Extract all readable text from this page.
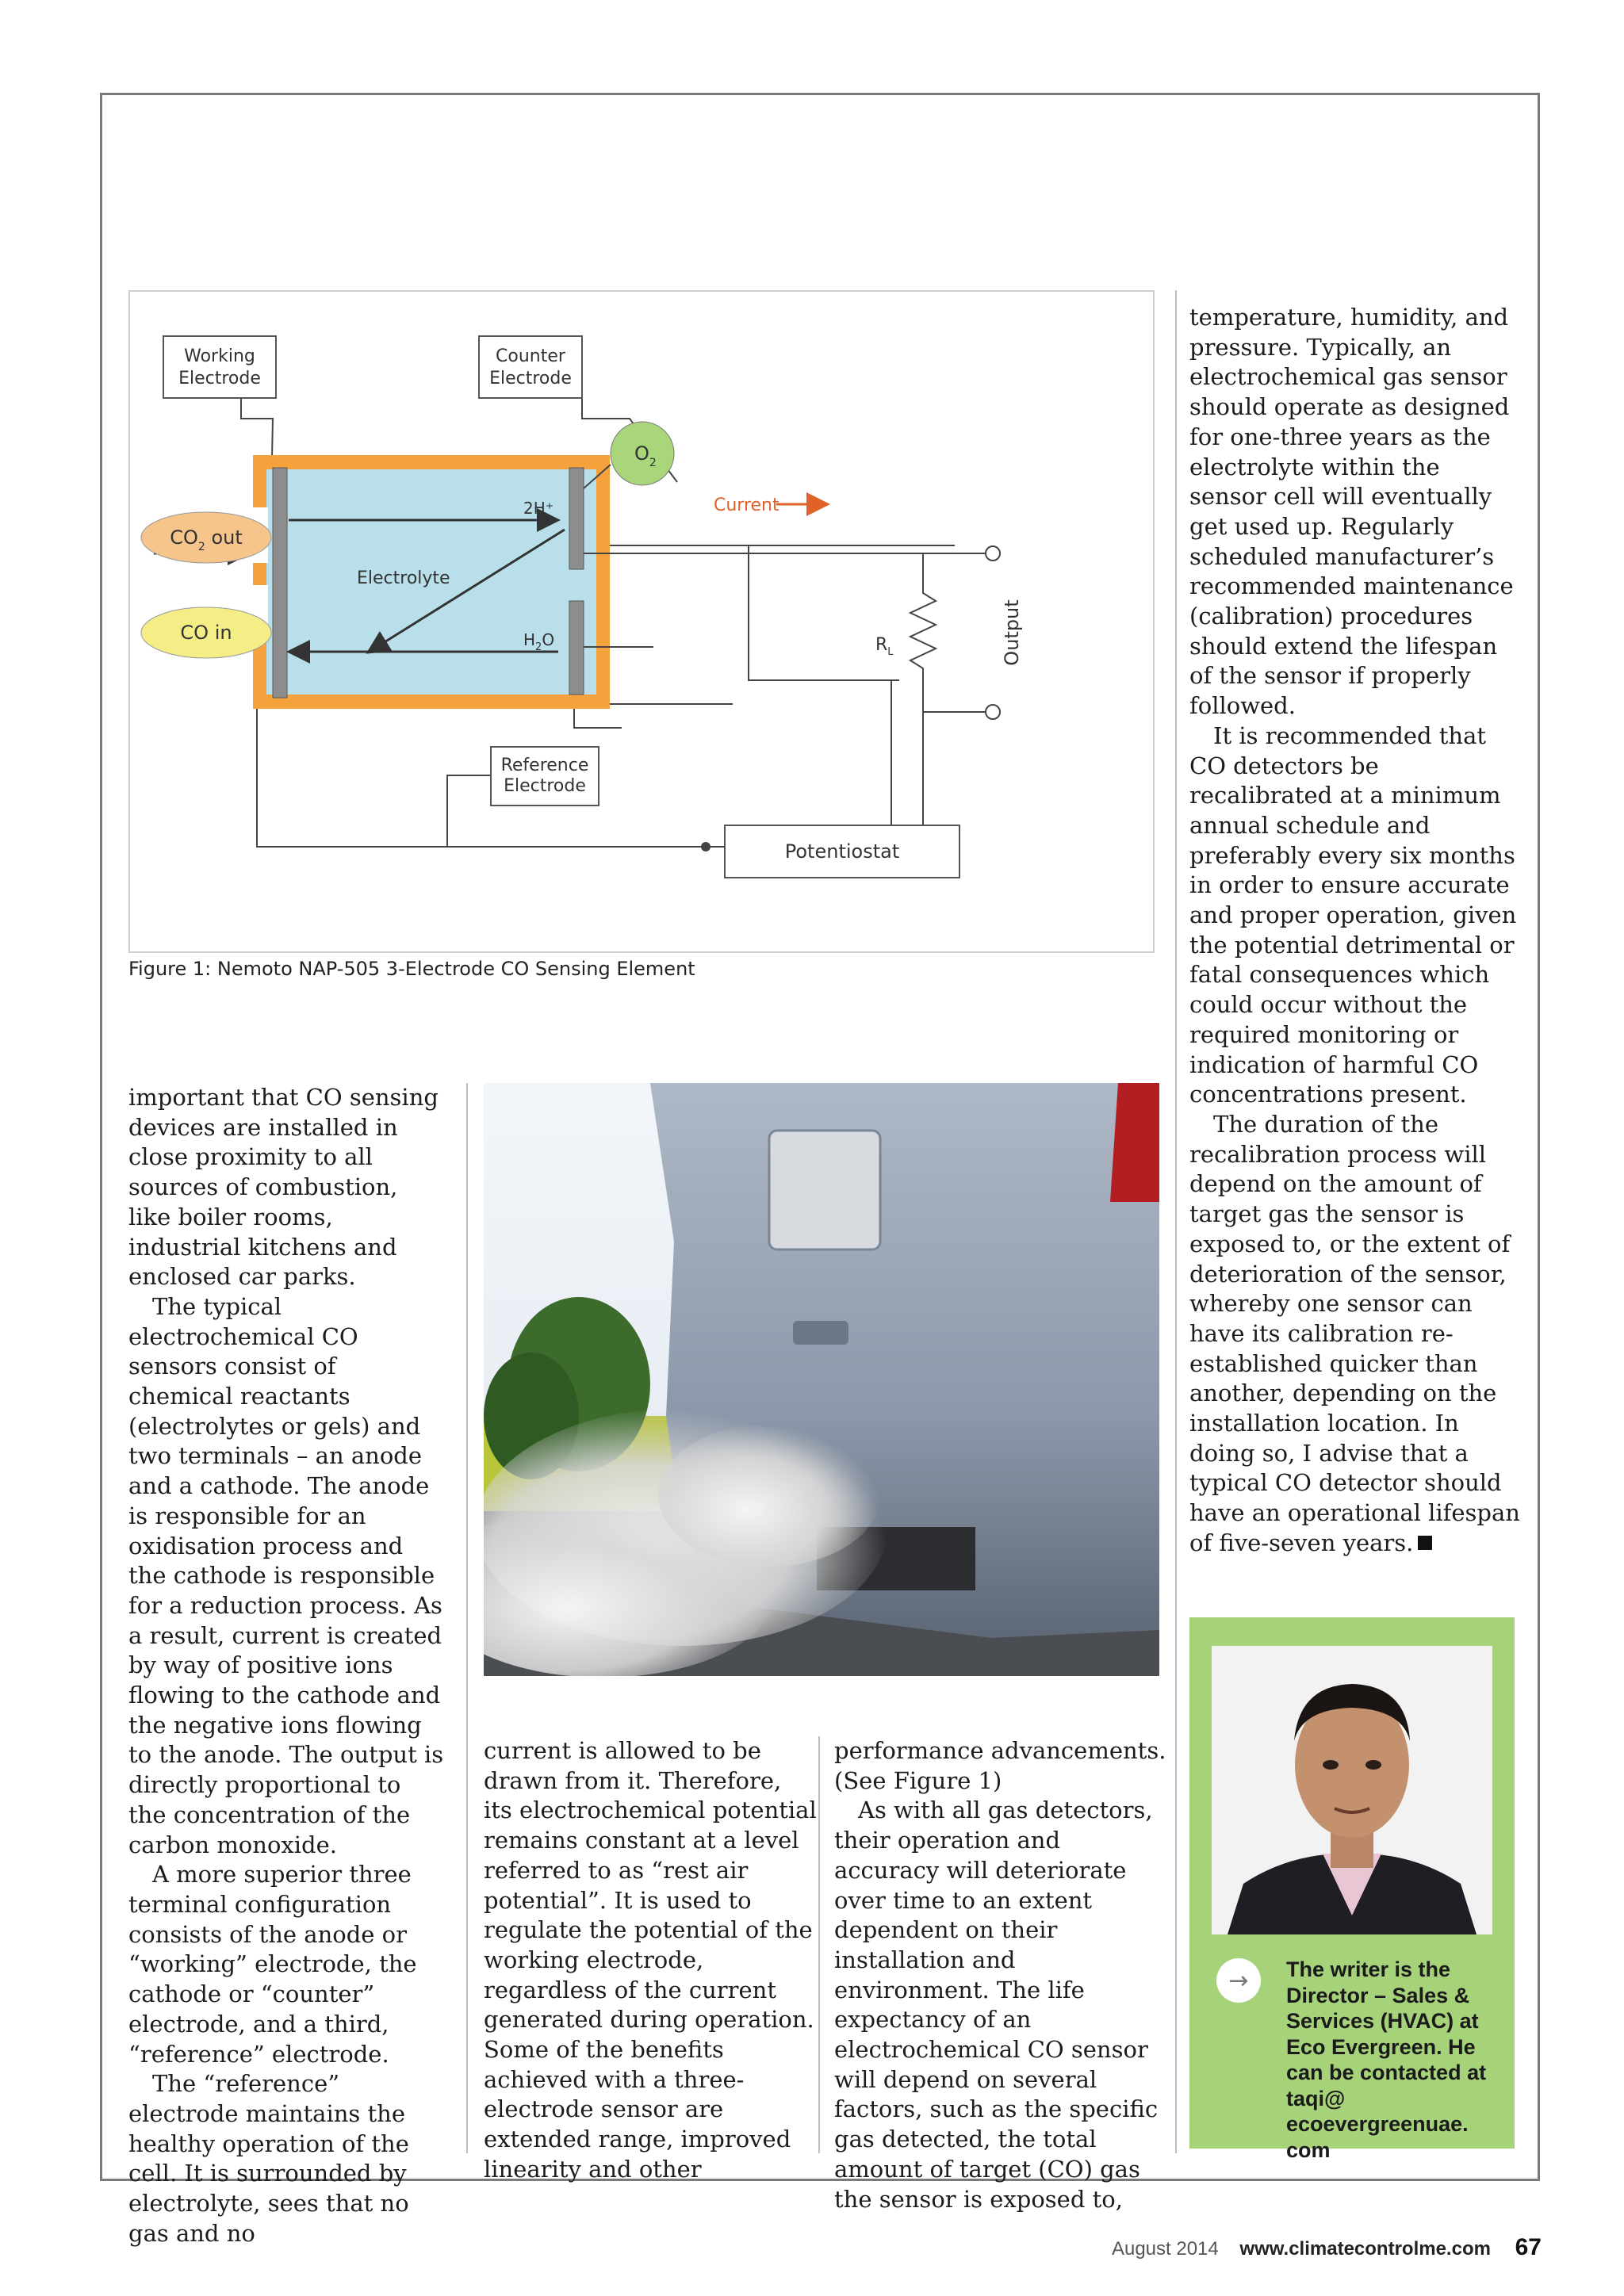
Working
Electrode
Counter
Electrode
Reference
Electrode
$O_2$
$CO_2$ out
CO in
2H⁺
Electrolyte
$H_2O$
Current
$R_L$	Output
Potentiostat
Figure 1: Nemoto NAP-505 3-Electrode CO Sensing Element

important that CO sensing devices are installed in close proximity to all sources of combustion, like boiler rooms, industrial kitchens and enclosed car parks.

The typical electrochemical CO sensors consist of chemical reactants (electrolytes or gels) and two terminals – an anode and a cathode. The anode is responsible for an oxidisation process and the cathode is responsible for a reduction process. As a result, current is created by way of positive ions flowing to the cathode and the negative ions flowing to the anode. The output is directly proportional to the concentration of the carbon monoxide.

A more superior three terminal configuration consists of the anode or “working” electrode, the cathode or “counter” electrode, and a third, “reference” electrode.

The “reference” electrode maintains the healthy operation of the cell. It is surrounded by electrolyte, sees that no gas and no

current is allowed to be drawn from it. Therefore, its electrochemical potential remains constant at a level referred to as “rest air potential”. It is used to regulate the potential of the working electrode, regardless of the current generated during operation. Some of the benefits achieved with a three-electrode sensor are extended range, improved linearity and other

performance advancements. (See Figure 1)

As with all gas detectors, their operation and accuracy will deteriorate over time to an extent dependent on their installation and environment. The life expectancy of an electrochemical CO sensor will depend on several factors, such as the specific gas detected, the total amount of target (CO) gas the sensor is exposed to,

temperature, humidity, and pressure. Typically, an electrochemical gas sensor should operate as designed for one-three years as the electrolyte within the sensor cell will eventually get used up. Regularly scheduled manufacturer’s recommended maintenance (calibration) procedures should extend the lifespan of the sensor if properly followed.

It is recommended that CO detectors be recalibrated at a minimum annual schedule and preferably every six months in order to ensure accurate and proper operation, given the potential detrimental or fatal consequences which could occur without the required monitoring or indication of harmful CO concentrations present.

The duration of the recalibration process will depend on the amount of target gas the sensor is exposed to, or the extent of deterioration of the sensor, whereby one sensor can have its calibration re-established quicker than another, depending on the installation location. In doing so, I advise that a typical CO detector should have an operational lifespan of five-seven years.

→	The writer is the Director – Sales & Services (HVAC) at Eco Evergreen. He can be contacted at taqi@ ecoevergreenuae. com

August 2014 www.climatecontrolme.com 67
